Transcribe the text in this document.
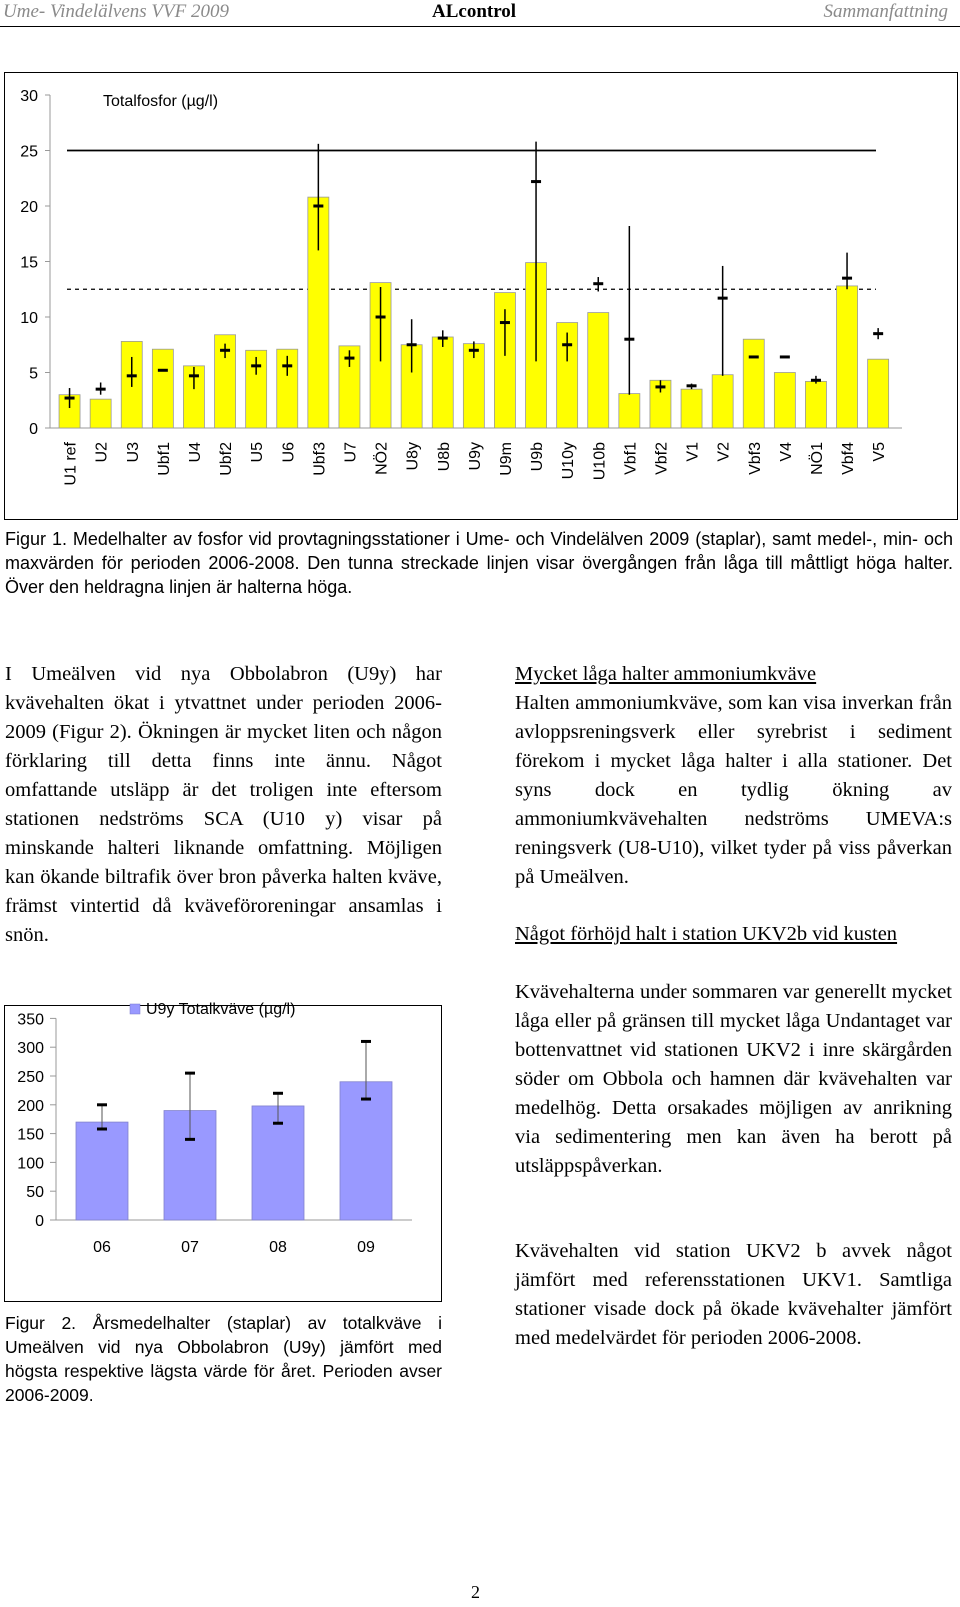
Ume- Vindelälvens VVF 2009	ALcontrol	Sammanfattning
0
5
10
15
20
25
30	Totalfosfor (µg/l)
U1 ref U2 U3 Ubf1 U4 Ubf2 U5 U6 Ubf3 U7 NÖ2 U8y U8b U9y U9m U9b U10y U10b Vbf1 Vbf2 V1 V2 Vbf3 V4 NÖ1 Vbf4 V5
Figur 1. Medelhalter av fosfor vid provtagningsstationer i Ume- och Vindelälven 2009 (staplar), samt medel-, min- och maxvärden för perioden 2006-2008. Den tunna streckade linjen visar övergången från låga till måttligt höga halter. Över den heldragna linjen är halterna höga.
I Umeälven vid nya Obbolabron (U9y) har kvävehalten ökat i ytvattnet under perioden 2006-2009 (Figur 2). Ökningen är mycket liten och någon förklaring till detta finns inte ännu. Något omfattande utsläpp är det troligen inte eftersom stationen nedströms SCA (U10 y) visar på minskande halteri liknande omfattning. Möjligen kan ökande biltrafik över bron påverka halten kväve, främst vintertid då kväveföroreningar ansamlas i snön.
0
50
100
150
200
250
300
350
U9y Totalkväve (µg/l)
06	07	08	09
Figur 2. Årsmedelhalter (staplar) av totalkväve i Umeälven vid nya Obbolabron (U9y) jämfört med högsta respektive lägsta värde för året. Perioden avser 2006-2009.
Mycket låga halter ammoniumkväve
Halten ammoniumkväve, som kan visa inverkan från avloppsreningsverk eller syrebrist i sediment förekom i mycket låga halter i alla stationer. Det syns dock en tydlig ökning av ammoniumkvävehalten nedströms UMEVA:s reningsverk (U8-U10), vilket tyder på viss påverkan på Umeälven.
Något förhöjd halt i station UKV2b vid kusten
Kvävehalterna under sommaren var generellt mycket låga eller på gränsen till mycket låga Undantaget var bottenvattnet vid stationen UKV2 i inre skärgården söder om Obbola och hamnen där kvävehalten var medelhög. Detta orsakades möjligen av anrikning via sedimentering men kan även ha berott på utsläppspåverkan.
Kvävehalten vid station UKV2 b avvek något jämfört med referensstationen UKV1. Samtliga stationer visade dock på ökade kvävehalter jämfört med medelvärdet för perioden 2006-2008.
2
